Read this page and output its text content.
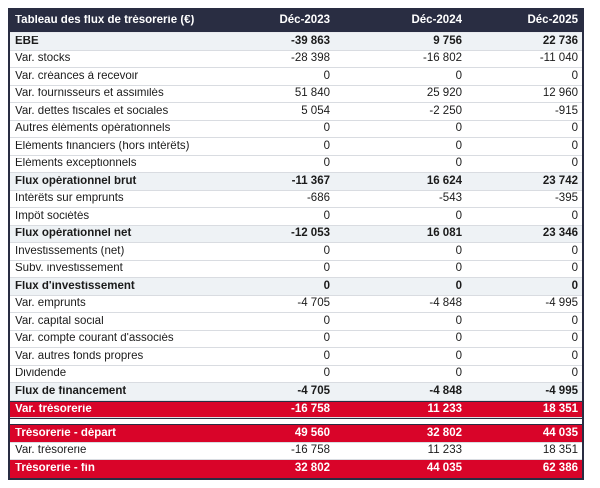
Tableau des flux de trésorerie (€)	Déc-2023	Déc-2024	Déc-2025
EBE	-39 863	9 756	22 736
Var. stocks	-28 398	-16 802	-11 040
Var. créances à recevoir	0	0	0
Var. fournisseurs et assimilés	51 840	25 920	12 960
Var. dettes fiscales et sociales	5 054	-2 250	-915
Autres éléments opérationnels	0	0	0
Eléments financiers (hors intérêts)	0	0	0
Eléments exceptionnels	0	0	0
Flux opérationnel brut	-11 367	16 624	23 742
Intérêts sur emprunts	-686	-543	-395
Impôt sociétés	0	0	0
Flux opérationnel net	-12 053	16 081	23 346
Investissements (net)	0	0	0
Subv. investissement	0	0	0
Flux d'investissement	0	0	0
Var. emprunts	-4 705	-4 848	-4 995
Var. capital social	0	0	0
Var. compte courant d'associés	0	0	0
Var. autres fonds propres	0	0	0
Dividende	0	0	0
Flux de financement	-4 705	-4 848	-4 995
Var. trésorerie	-16 758	11 233	18 351
Trésorerie - départ	49 560	32 802	44 035
Var. trésorerie	-16 758	11 233	18 351
Trésorerie - fin	32 802	44 035	62 386
